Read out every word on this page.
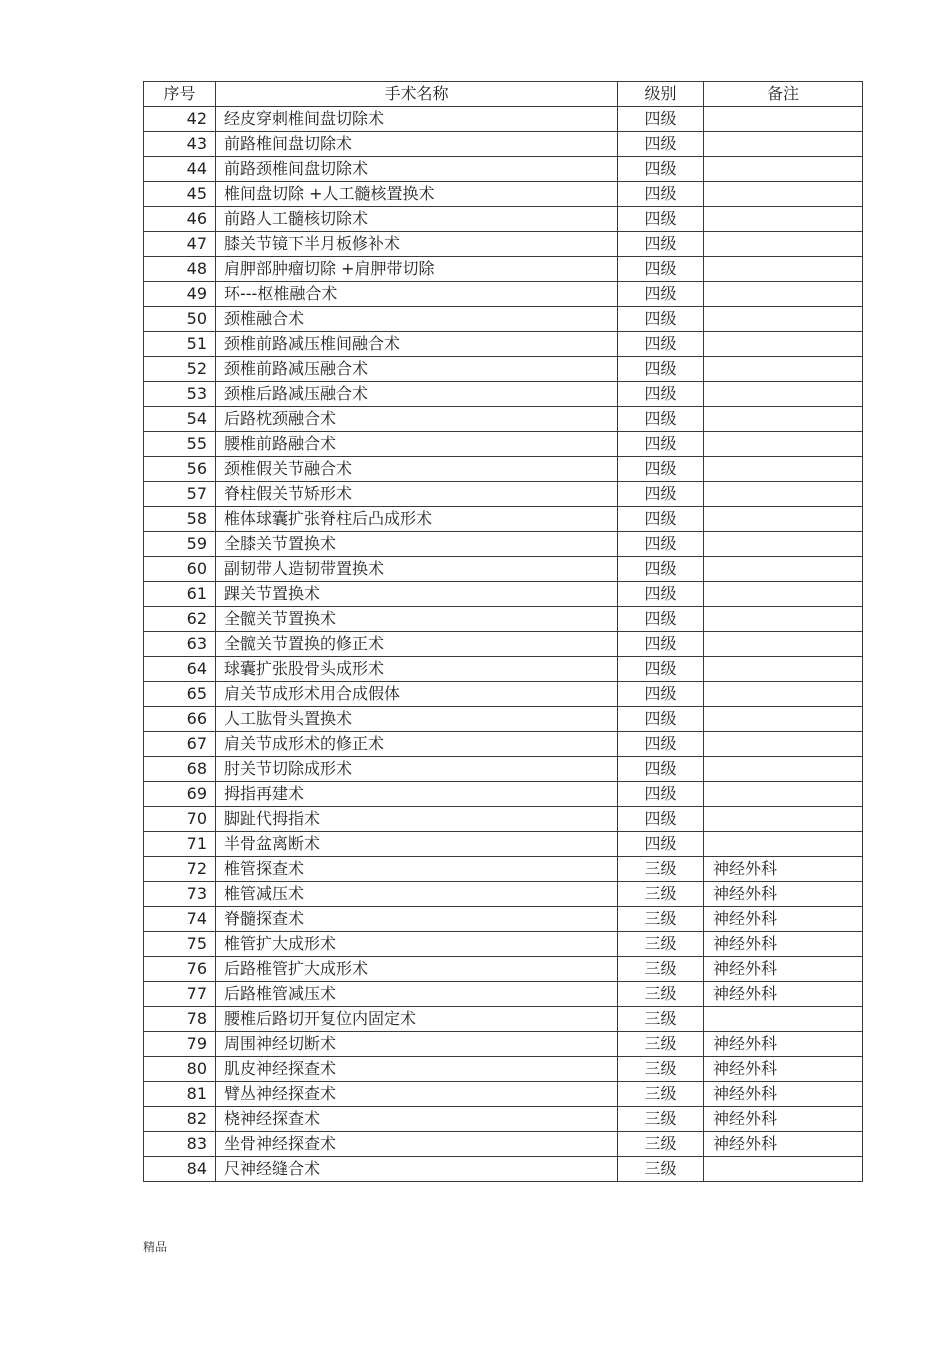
序号	手术名称	级别	备注
42	经皮穿刺椎间盘切除术	四级	
43	前路椎间盘切除术	四级	
44	前路颈椎间盘切除术	四级	
45	椎间盘切除 +人工髓核置换术	四级	
46	前路人工髓核切除术	四级	
47	膝关节镜下半月板修补术	四级	
48	肩胛部肿瘤切除 +肩胛带切除	四级	
49	环---枢椎融合术	四级	
50	颈椎融合术	四级	
51	颈椎前路减压椎间融合术	四级	
52	颈椎前路减压融合术	四级	
53	颈椎后路减压融合术	四级	
54	后路枕颈融合术	四级	
55	腰椎前路融合术	四级	
56	颈椎假关节融合术	四级	
57	脊柱假关节矫形术	四级	
58	椎体球囊扩张脊柱后凸成形术	四级	
59	全膝关节置换术	四级	
60	副韧带人造韧带置换术	四级	
61	踝关节置换术	四级	
62	全髋关节置换术	四级	
63	全髋关节置换的修正术	四级	
64	球囊扩张股骨头成形术	四级	
65	肩关节成形术用合成假体	四级	
66	人工肱骨头置换术	四级	
67	肩关节成形术的修正术	四级	
68	肘关节切除成形术	四级	
69	拇指再建术	四级	
70	脚趾代拇指术	四级	
71	半骨盆离断术	四级	
72	椎管探查术	三级	神经外科
73	椎管减压术	三级	神经外科
74	脊髓探查术	三级	神经外科
75	椎管扩大成形术	三级	神经外科
76	后路椎管扩大成形术	三级	神经外科
77	后路椎管减压术	三级	神经外科
78	腰椎后路切开复位内固定术	三级	
79	周围神经切断术	三级	神经外科
80	肌皮神经探查术	三级	神经外科
81	臂丛神经探查术	三级	神经外科
82	桡神经探查术	三级	神经外科
83	坐骨神经探查术	三级	神经外科
84	尺神经缝合术	三级	
精品
